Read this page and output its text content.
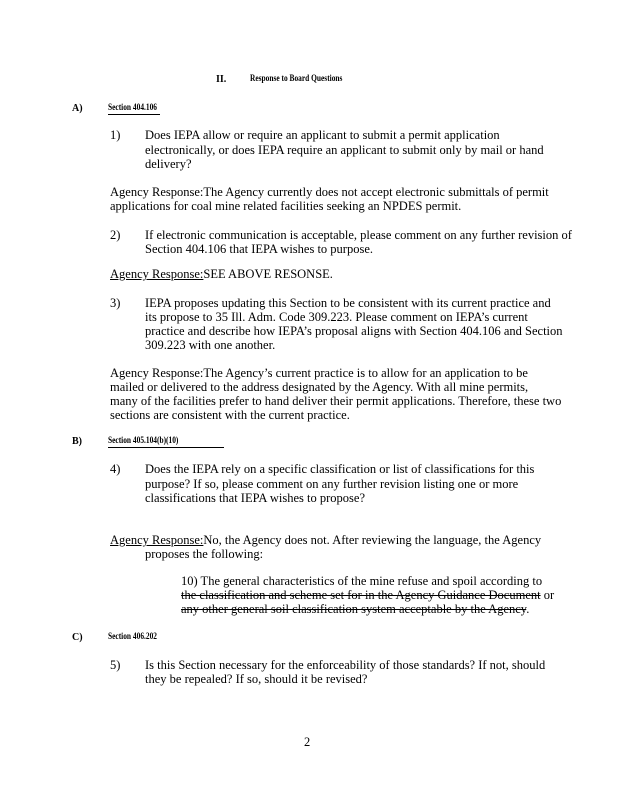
II. Response to Board Questions
A)	Section 404.106
1) Does IEPA allow or require an applicant to submit a permit application
electronically, or does IEPA require an applicant to submit only by mail or hand
delivery?
Agency Response:The Agency currently does not accept electronic submittals of permit
applications for coal mine related facilities seeking an NPDES permit.
2) If electronic communication is acceptable, please comment on any further revision of
Section 404.106 that IEPA wishes to purpose.
Agency Response:SEE ABOVE RESONSE.
3) IEPA proposes updating this Section to be consistent with its current practice and
its propose to 35 Ill. Adm. Code 309.223. Please comment on IEPA’s current
practice and describe how IEPA’s proposal aligns with Section 404.106 and Section
309.223 with one another.
Agency Response:The Agency’s current practice is to allow for an application to be
mailed or delivered to the address designated by the Agency. With all mine permits,
many of the facilities prefer to hand deliver their permit applications. Therefore, these two
sections are consistent with the current practice.
B)	Section 405.104(b)(10)
4) Does the IEPA rely on a specific classification or list of classifications for this
purpose? If so, please comment on any further revision listing one or more
classifications that IEPA wishes to propose?
Agency Response:No, the Agency does not. After reviewing the language, the Agency
proposes the following:
10) The general characteristics of the mine refuse and spoil according to
the classification and scheme set for in the Agency Guidance Document or
any other general soil classification system acceptable by the Agency.
C)	Section 406.202
5) Is this Section necessary for the enforceability of those standards? If not, should
they be repealed? If so, should it be revised?
2
